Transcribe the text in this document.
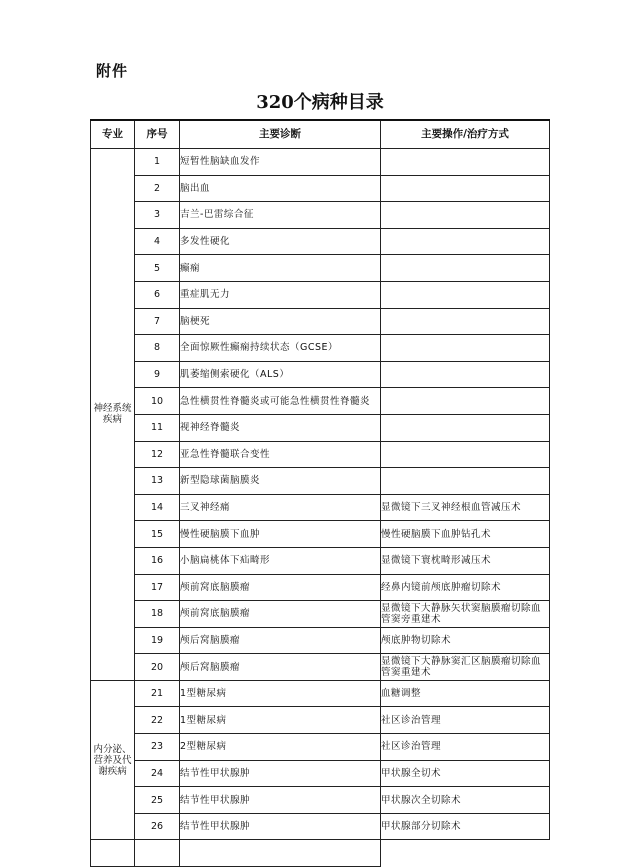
附件
320个病种目录
专业	序号	主要诊断	主要操作/治疗方式
神经系统疾病	1	短暂性脑缺血发作	
	2	脑出血	
	3	吉兰-巴雷综合征	
	4	多发性硬化	
	5	癫痫	
	6	重症肌无力	
	7	脑梗死	
	8	全面惊厥性癫痫持续状态（GCSE）	
	9	肌萎缩侧索硬化（ALS）	
	10	急性横贯性脊髓炎或可能急性横贯性脊髓炎	
	11	视神经脊髓炎	
	12	亚急性脊髓联合变性	
	13	新型隐球菌脑膜炎	
	14	三叉神经痛	显微镜下三叉神经根血管减压术
	15	慢性硬脑膜下血肿	慢性硬脑膜下血肿钻孔术
	16	小脑扁桃体下疝畸形	显微镜下寰枕畸形减压术
	17	颅前窝底脑膜瘤	经鼻内镜前颅底肿瘤切除术
	18	颅前窝底脑膜瘤	显微镜下大静脉矢状窦脑膜瘤切除血管窦旁重建术
	19	颅后窝脑膜瘤	颅底肿物切除术
	20	颅后窝脑膜瘤	显微镜下大静脉窦汇区脑膜瘤切除血管窦重建术
内分泌、营养及代谢疾病	21	1型糖尿病	血糖调整
	22	1型糖尿病	社区诊治管理
	23	2型糖尿病	社区诊治管理
	24	结节性甲状腺肿	甲状腺全切术
	25	结节性甲状腺肿	甲状腺次全切除术
	26	结节性甲状腺肿	甲状腺部分切除术
